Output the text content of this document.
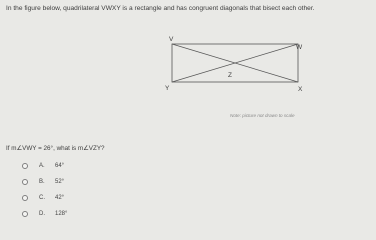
In the figure below, quadrilateral VWXY is a rectangle and has congruent diagonals that bisect each other.
V
W
Z
Y	X
Note: picture not drawn to scale
If m∠VWY = 26°, what is m∠VZY?
A.	64°
B.	52°
C.	42°
D.	128°
